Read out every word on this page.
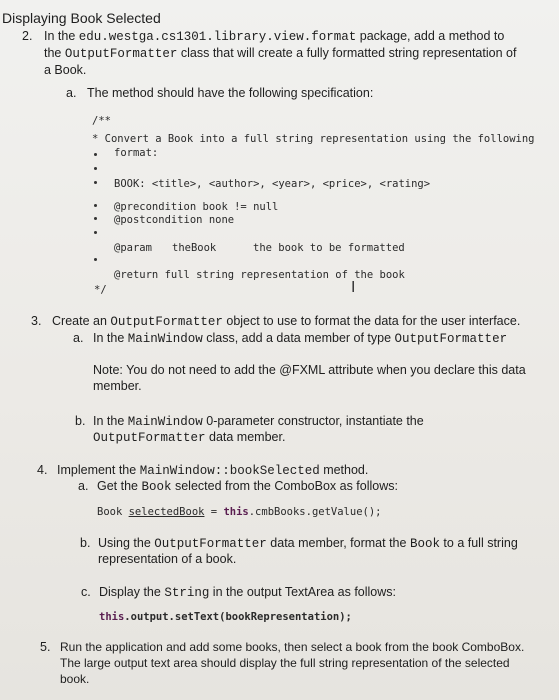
Displaying Book Selected
2. In the edu.westga.cs1301.library.view.format package, add a method to
the OutputFormatter class that will create a fully formatted string representation of
a Book.
a. The method should have the following specification:
/**
* Convert a Book into a full string representation using the following
format:
BOOK: <title>, <author>, <year>, <price>, <rating>
@precondition book != null
@postcondition none
@param theBook	the book to be formatted
@return full string representation of the book
*/	I
3. Create an OutputFormatter object to use to format the data for the user interface.
a. In the MainWindow class, add a data member of type OutputFormatter
Note: You do not need to add the @FXML attribute when you declare this data
member.
b. In the MainWindow 0-parameter constructor, instantiate the
OutputFormatter data member.
4. Implement the MainWindow::bookSelected method.
a. Get the Book selected from the ComboBox as follows:
Book selectedBook = this.cmbBooks.getValue();
b. Using the OutputFormatter data member, format the Book to a full string
representation of a book.
c. Display the String in the output TextArea as follows:
this.output.setText(bookRepresentation);
5. Run the application and add some books, then select a book from the book ComboBox.
The large output text area should display the full string representation of the selected
book.
